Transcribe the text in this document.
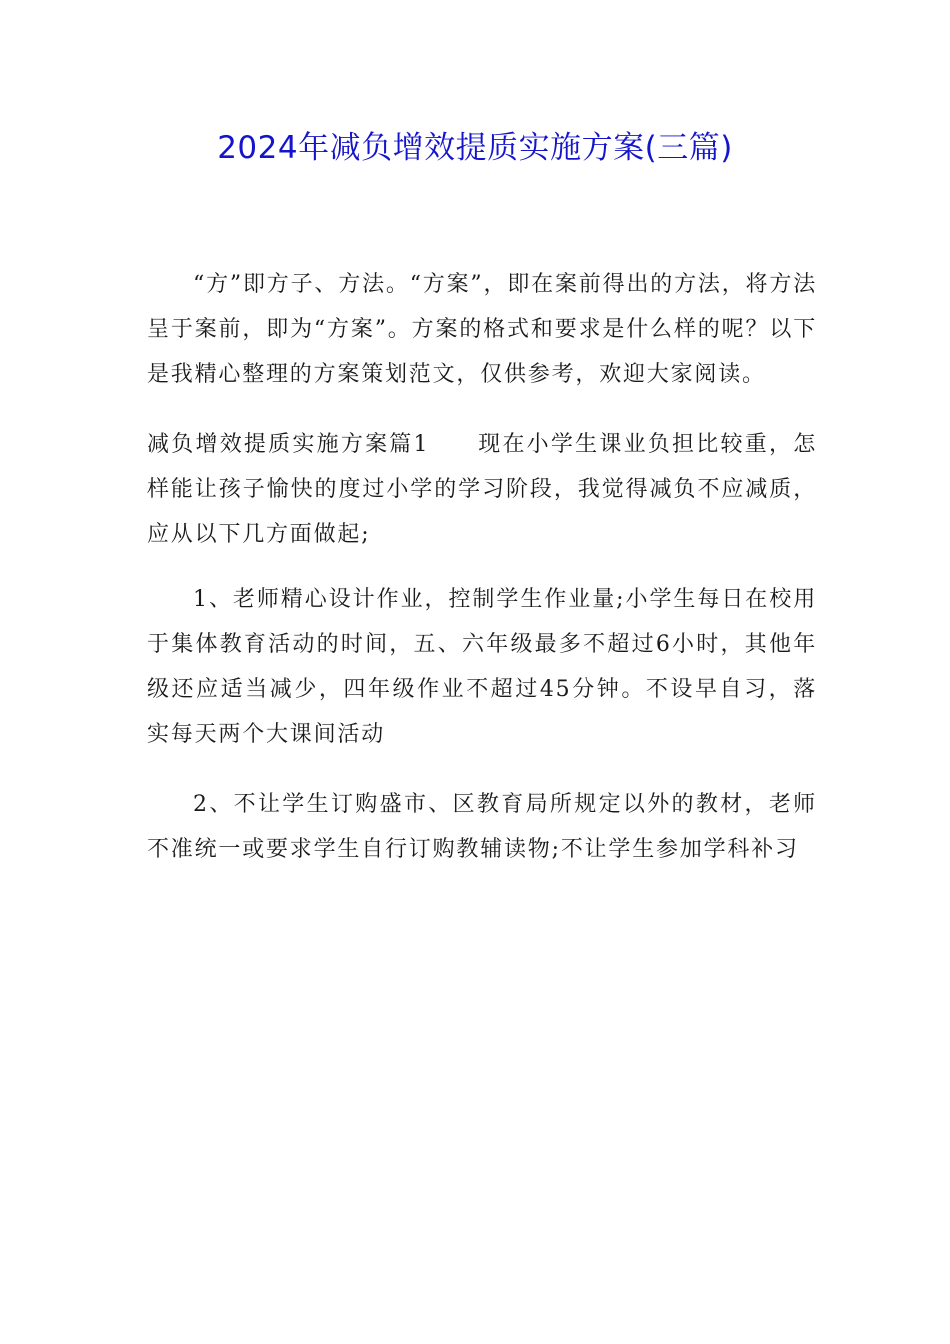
2024年减负增效提质实施方案(三篇)

“方”即方子、方法。“方案”，即在案前得出的方法，将方法呈于案前，即为“方案”。方案的格式和要求是什么样的呢？以下是我精心整理的方案策划范文，仅供参考，欢迎大家阅读。

减负增效提质实施方案篇1　　现在小学生课业负担比较重，怎样能让孩子愉快的度过小学的学习阶段，我觉得减负不应减质，应从以下几方面做起;

1、老师精心设计作业，控制学生作业量;小学生每日在校用于集体教育活动的时间，五、六年级最多不超过6小时，其他年级还应适当减少，四年级作业不超过45分钟。不设早自习，落实每天两个大课间活动

2、不让学生订购盛市、区教育局所规定以外的教材，老师不准统一或要求学生自行订购教辅读物;不让学生参加学科补习
